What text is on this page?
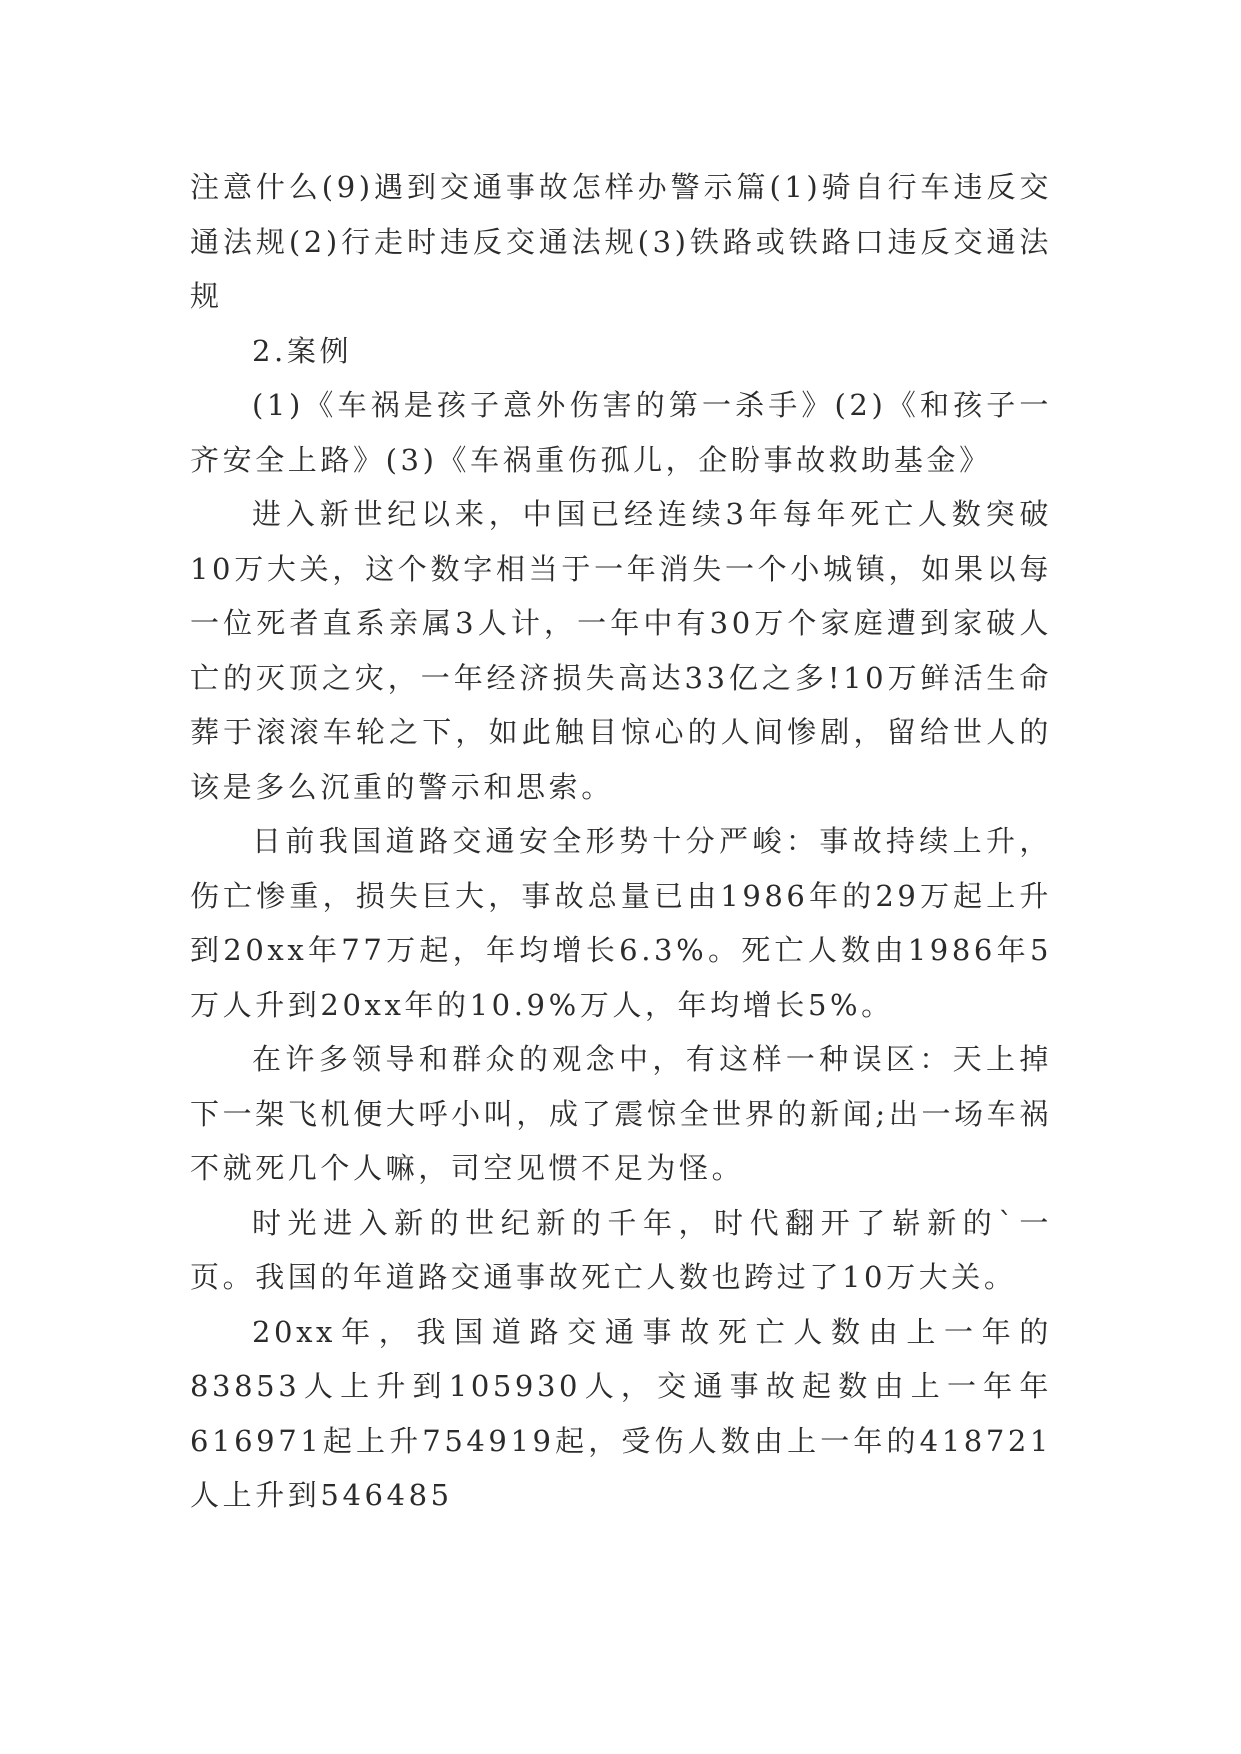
注意什么(9)遇到交通事故怎样办警示篇(1)骑自行车违反交通法规(2)行走时违反交通法规(3)铁路或铁路口违反交通法规

2.案例

(1)《车祸是孩子意外伤害的第一杀手》(2)《和孩子一齐安全上路》(3)《车祸重伤孤儿，企盼事故救助基金》

进入新世纪以来，中国已经连续3年每年死亡人数突破10万大关，这个数字相当于一年消失一个小城镇，如果以每一位死者直系亲属3人计，一年中有30万个家庭遭到家破人亡的灭顶之灾，一年经济损失高达33亿之多!10万鲜活生命葬于滚滚车轮之下，如此触目惊心的人间惨剧，留给世人的该是多么沉重的警示和思索。

日前我国道路交通安全形势十分严峻：事故持续上升，伤亡惨重，损失巨大，事故总量已由1986年的29万起上升到20xx年77万起，年均增长6.3%。死亡人数由1986年5万人升到20xx年的10.9%万人，年均增长5%。

在许多领导和群众的观念中，有这样一种误区：天上掉下一架飞机便大呼小叫，成了震惊全世界的新闻;出一场车祸不就死几个人嘛，司空见惯不足为怪。

时光进入新的世纪新的千年，时代翻开了崭新的`一页。我国的年道路交通事故死亡人数也跨过了10万大关。

20xx年，我国道路交通事故死亡人数由上一年的83853人上升到105930人，交通事故起数由上一年年616971起上升754919起，受伤人数由上一年的418721人上升到546485
